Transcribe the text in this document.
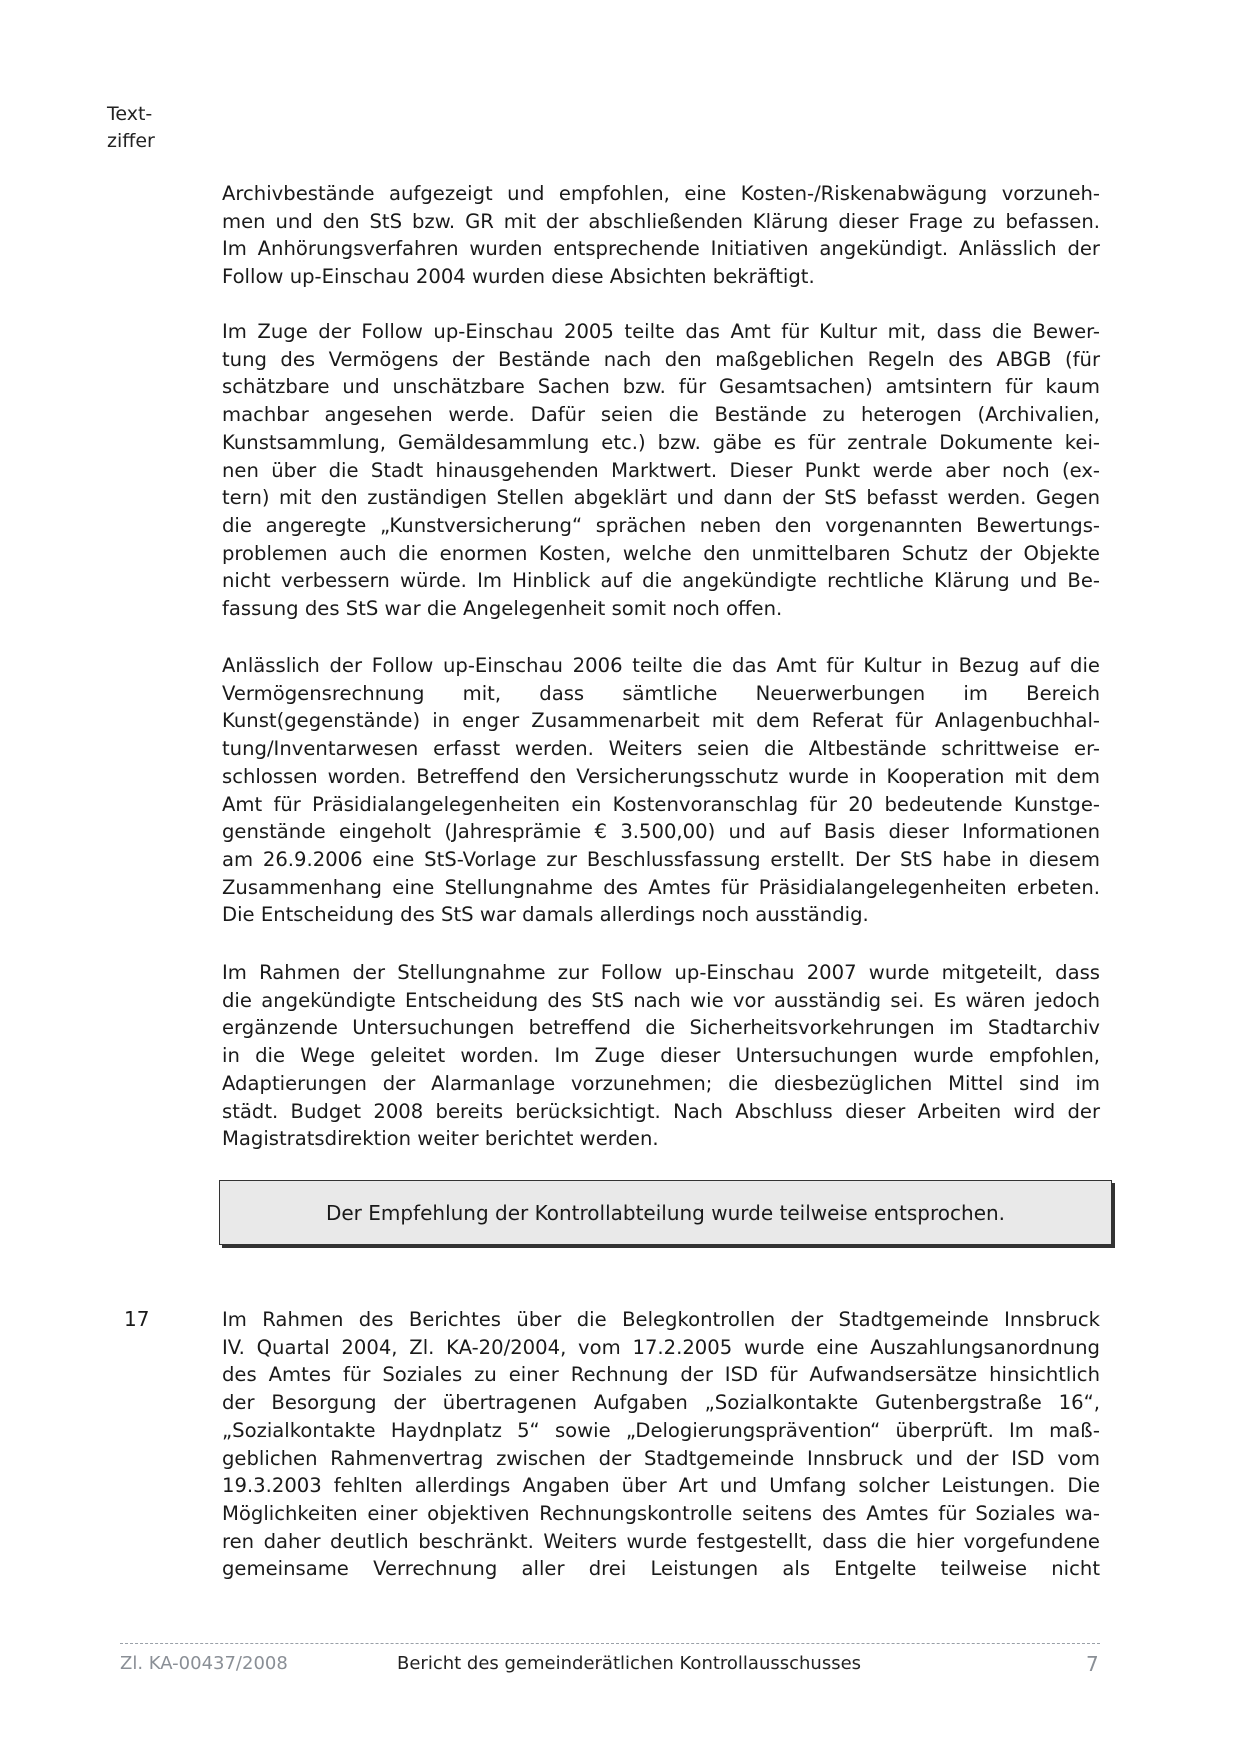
Text-
ziffer
Archivbestände aufgezeigt und empfohlen, eine Kosten-/Riskenabwägung vorzuneh-
men und den StS bzw. GR mit der abschließenden Klärung dieser Frage zu befassen.
Im Anhörungsverfahren wurden entsprechende Initiativen angekündigt. Anlässlich der
Follow up-Einschau 2004 wurden diese Absichten bekräftigt.
Im Zuge der Follow up-Einschau 2005 teilte das Amt für Kultur mit, dass die Bewer-
tung des Vermögens der Bestände nach den maßgeblichen Regeln des ABGB (für
schätzbare und unschätzbare Sachen bzw. für Gesamtsachen) amtsintern für kaum
machbar angesehen werde. Dafür seien die Bestände zu heterogen (Archivalien,
Kunstsammlung, Gemäldesammlung etc.) bzw. gäbe es für zentrale Dokumente kei-
nen über die Stadt hinausgehenden Marktwert. Dieser Punkt werde aber noch (ex-
tern) mit den zuständigen Stellen abgeklärt und dann der StS befasst werden. Gegen
die angeregte „Kunstversicherung“ sprächen neben den vorgenannten Bewertungs-
problemen auch die enormen Kosten, welche den unmittelbaren Schutz der Objekte
nicht verbessern würde. Im Hinblick auf die angekündigte rechtliche Klärung und Be-
fassung des StS war die Angelegenheit somit noch offen.
Anlässlich der Follow up-Einschau 2006 teilte die das Amt für Kultur in Bezug auf die
Vermögensrechnung mit, dass sämtliche Neuerwerbungen im Bereich
Kunst(gegenstände) in enger Zusammenarbeit mit dem Referat für Anlagenbuchhal-
tung/Inventarwesen erfasst werden. Weiters seien die Altbestände schrittweise er-
schlossen worden. Betreffend den Versicherungsschutz wurde in Kooperation mit dem
Amt für Präsidialangelegenheiten ein Kostenvoranschlag für 20 bedeutende Kunstge-
genstände eingeholt (Jahresprämie € 3.500,00) und auf Basis dieser Informationen
am 26.9.2006 eine StS-Vorlage zur Beschlussfassung erstellt. Der StS habe in diesem
Zusammenhang eine Stellungnahme des Amtes für Präsidialangelegenheiten erbeten.
Die Entscheidung des StS war damals allerdings noch ausständig.
Im Rahmen der Stellungnahme zur Follow up-Einschau 2007 wurde mitgeteilt, dass
die angekündigte Entscheidung des StS nach wie vor ausständig sei. Es wären jedoch
ergänzende Untersuchungen betreffend die Sicherheitsvorkehrungen im Stadtarchiv
in die Wege geleitet worden. Im Zuge dieser Untersuchungen wurde empfohlen,
Adaptierungen der Alarmanlage vorzunehmen; die diesbezüglichen Mittel sind im
städt. Budget 2008 bereits berücksichtigt. Nach Abschluss dieser Arbeiten wird der
Magistratsdirektion weiter berichtet werden.
Der Empfehlung der Kontrollabteilung wurde teilweise entsprochen.
17	Im Rahmen des Berichtes über die Belegkontrollen der Stadtgemeinde Innsbruck
IV. Quartal 2004, Zl. KA-20/2004, vom 17.2.2005 wurde eine Auszahlungsanordnung
des Amtes für Soziales zu einer Rechnung der ISD für Aufwandsersätze hinsichtlich
der Besorgung der übertragenen Aufgaben „Sozialkontakte Gutenbergstraße 16“,
„Sozialkontakte Haydnplatz 5“ sowie „Delogierungsprävention“ überprüft. Im maß-
geblichen Rahmenvertrag zwischen der Stadtgemeinde Innsbruck und der ISD vom
19.3.2003 fehlten allerdings Angaben über Art und Umfang solcher Leistungen. Die
Möglichkeiten einer objektiven Rechnungskontrolle seitens des Amtes für Soziales wa-
ren daher deutlich beschränkt. Weiters wurde festgestellt, dass die hier vorgefundene
gemeinsame Verrechnung aller drei Leistungen als Entgelte teilweise nicht
Zl. KA-00437/2008	Bericht des gemeinderätlichen Kontrollausschusses	7
